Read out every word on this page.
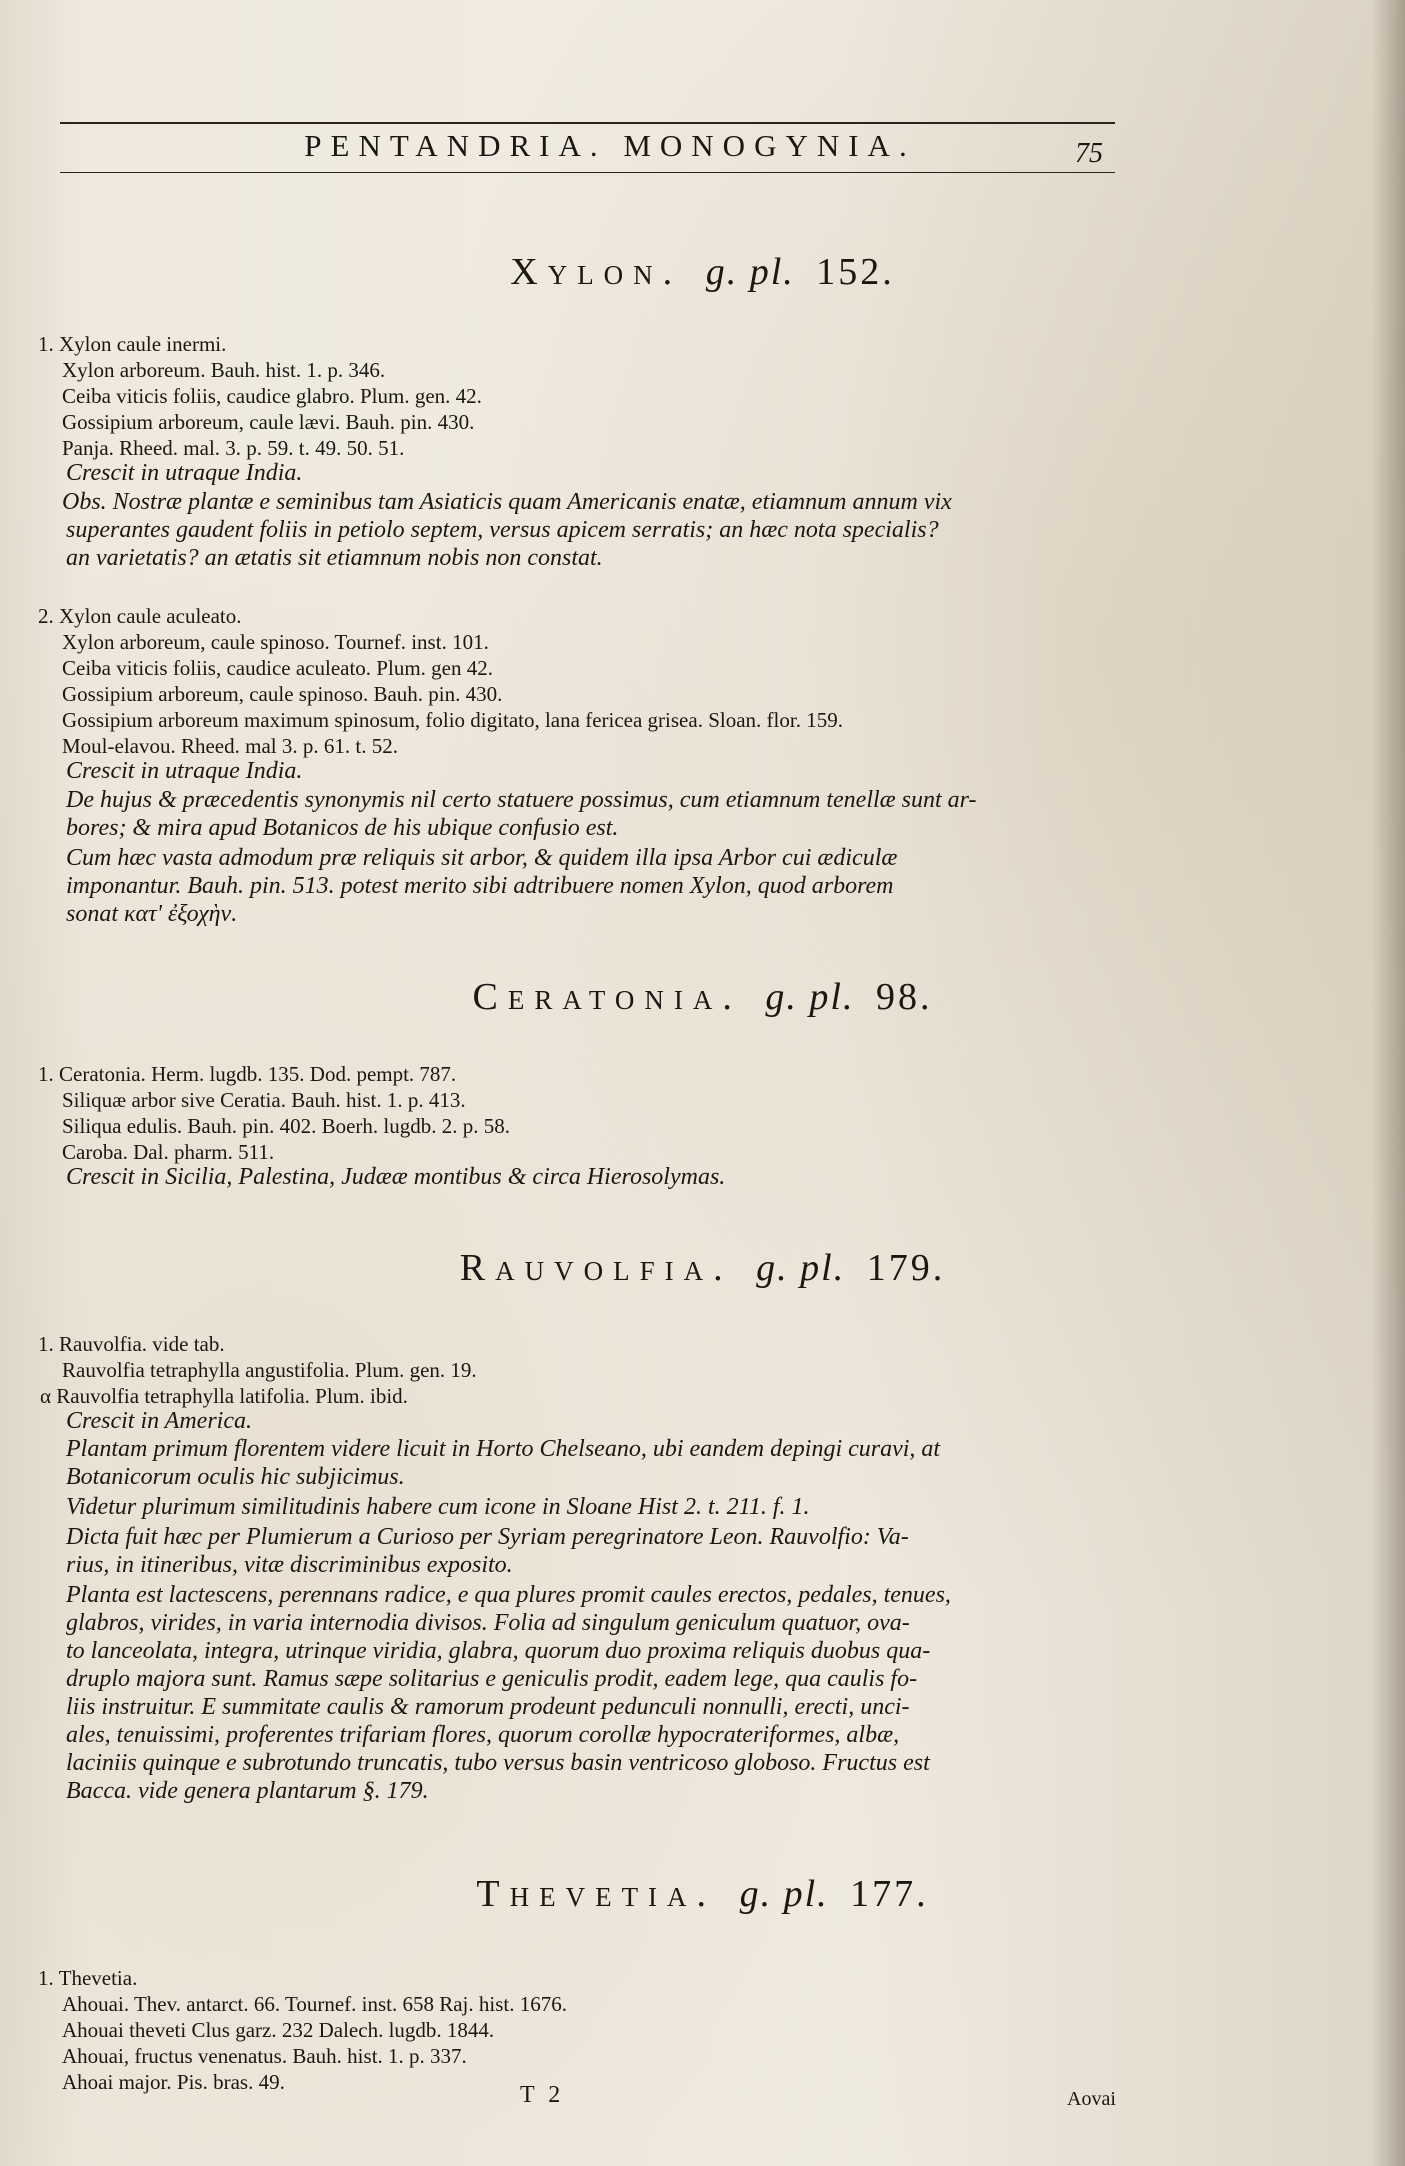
PENTANDRIA. MONOGYNIA.	75
Xylon. g. pl. 152.
1. Xylon caule inermi.
Xylon arboreum. Bauh. hist. 1. p. 346.
Ceiba viticis foliis, caudice glabro. Plum. gen. 42.
Gossipium arboreum, caule lævi. Bauh. pin. 430.
Panja. Rheed. mal. 3. p. 59. t. 49. 50. 51.
Crescit in utraque India.
Obs. Nostræ plantæ e seminibus tam Asiaticis quam Americanis enatæ, etiamnum annum vix
superantes gaudent foliis in petiolo septem, versus apicem serratis; an hæc nota specialis?
an varietatis? an ætatis sit etiamnum nobis non constat.
2. Xylon caule aculeato.
Xylon arboreum, caule spinoso. Tournef. inst. 101.
Ceiba viticis foliis, caudice aculeato. Plum. gen 42.
Gossipium arboreum, caule spinoso. Bauh. pin. 430.
Gossipium arboreum maximum spinosum, folio digitato, lana fericea grisea. Sloan. flor. 159.
Moul-elavou. Rheed. mal 3. p. 61. t. 52.
Crescit in utraque India.
De hujus & præcedentis synonymis nil certo statuere possimus, cum etiamnum tenellæ sunt ar-
bores; & mira apud Botanicos de his ubique confusio est.
Cum hæc vasta admodum præ reliquis sit arbor, & quidem illa ipsa Arbor cui ædiculæ
imponantur. Bauh. pin. 513. potest merito sibi adtribuere nomen Xylon, quod arborem
sonat κατ' ἐξοχὴν.
Ceratonia. g. pl. 98.
1. Ceratonia. Herm. lugdb. 135. Dod. pempt. 787.
Siliquæ arbor sive Ceratia. Bauh. hist. 1. p. 413.
Siliqua edulis. Bauh. pin. 402. Boerh. lugdb. 2. p. 58.
Caroba. Dal. pharm. 511.
Crescit in Sicilia, Palestina, Judææ montibus & circa Hierosolymas.
Rauvolfia. g. pl. 179.
1. Rauvolfia. vide tab.
Rauvolfia tetraphylla angustifolia. Plum. gen. 19.
α Rauvolfia tetraphylla latifolia. Plum. ibid.
Crescit in America.
Plantam primum florentem videre licuit in Horto Chelseano, ubi eandem depingi curavi, at
Botanicorum oculis hic subjicimus.
Videtur plurimum similitudinis habere cum icone in Sloane Hist 2. t. 211. f. 1.
Dicta fuit hæc per Plumierum a Curioso per Syriam peregrinatore Leon. Rauvolfio: Va-
rius, in itineribus, vitæ discriminibus exposito.
Planta est lactescens, perennans radice, e qua plures promit caules erectos, pedales, tenues,
glabros, virides, in varia internodia divisos. Folia ad singulum geniculum quatuor, ova-
to lanceolata, integra, utrinque viridia, glabra, quorum duo proxima reliquis duobus qua-
druplo majora sunt. Ramus sæpe solitarius e geniculis prodit, eadem lege, qua caulis fo-
liis instruitur. E summitate caulis & ramorum prodeunt pedunculi nonnulli, erecti, unci-
ales, tenuissimi, proferentes trifariam flores, quorum corollæ hypocrateriformes, albæ,
laciniis quinque e subrotundo truncatis, tubo versus basin ventricoso globoso. Fructus est
Bacca. vide genera plantarum §. 179.
Thevetia. g. pl. 177.
1. Thevetia.
Ahouai. Thev. antarct. 66. Tournef. inst. 658 Raj. hist. 1676.
Ahouai theveti Clus garz. 232 Dalech. lugdb. 1844.
Ahouai, fructus venenatus. Bauh. hist. 1. p. 337.
Ahoai major. Pis. bras. 49.	T 2	Aovai
